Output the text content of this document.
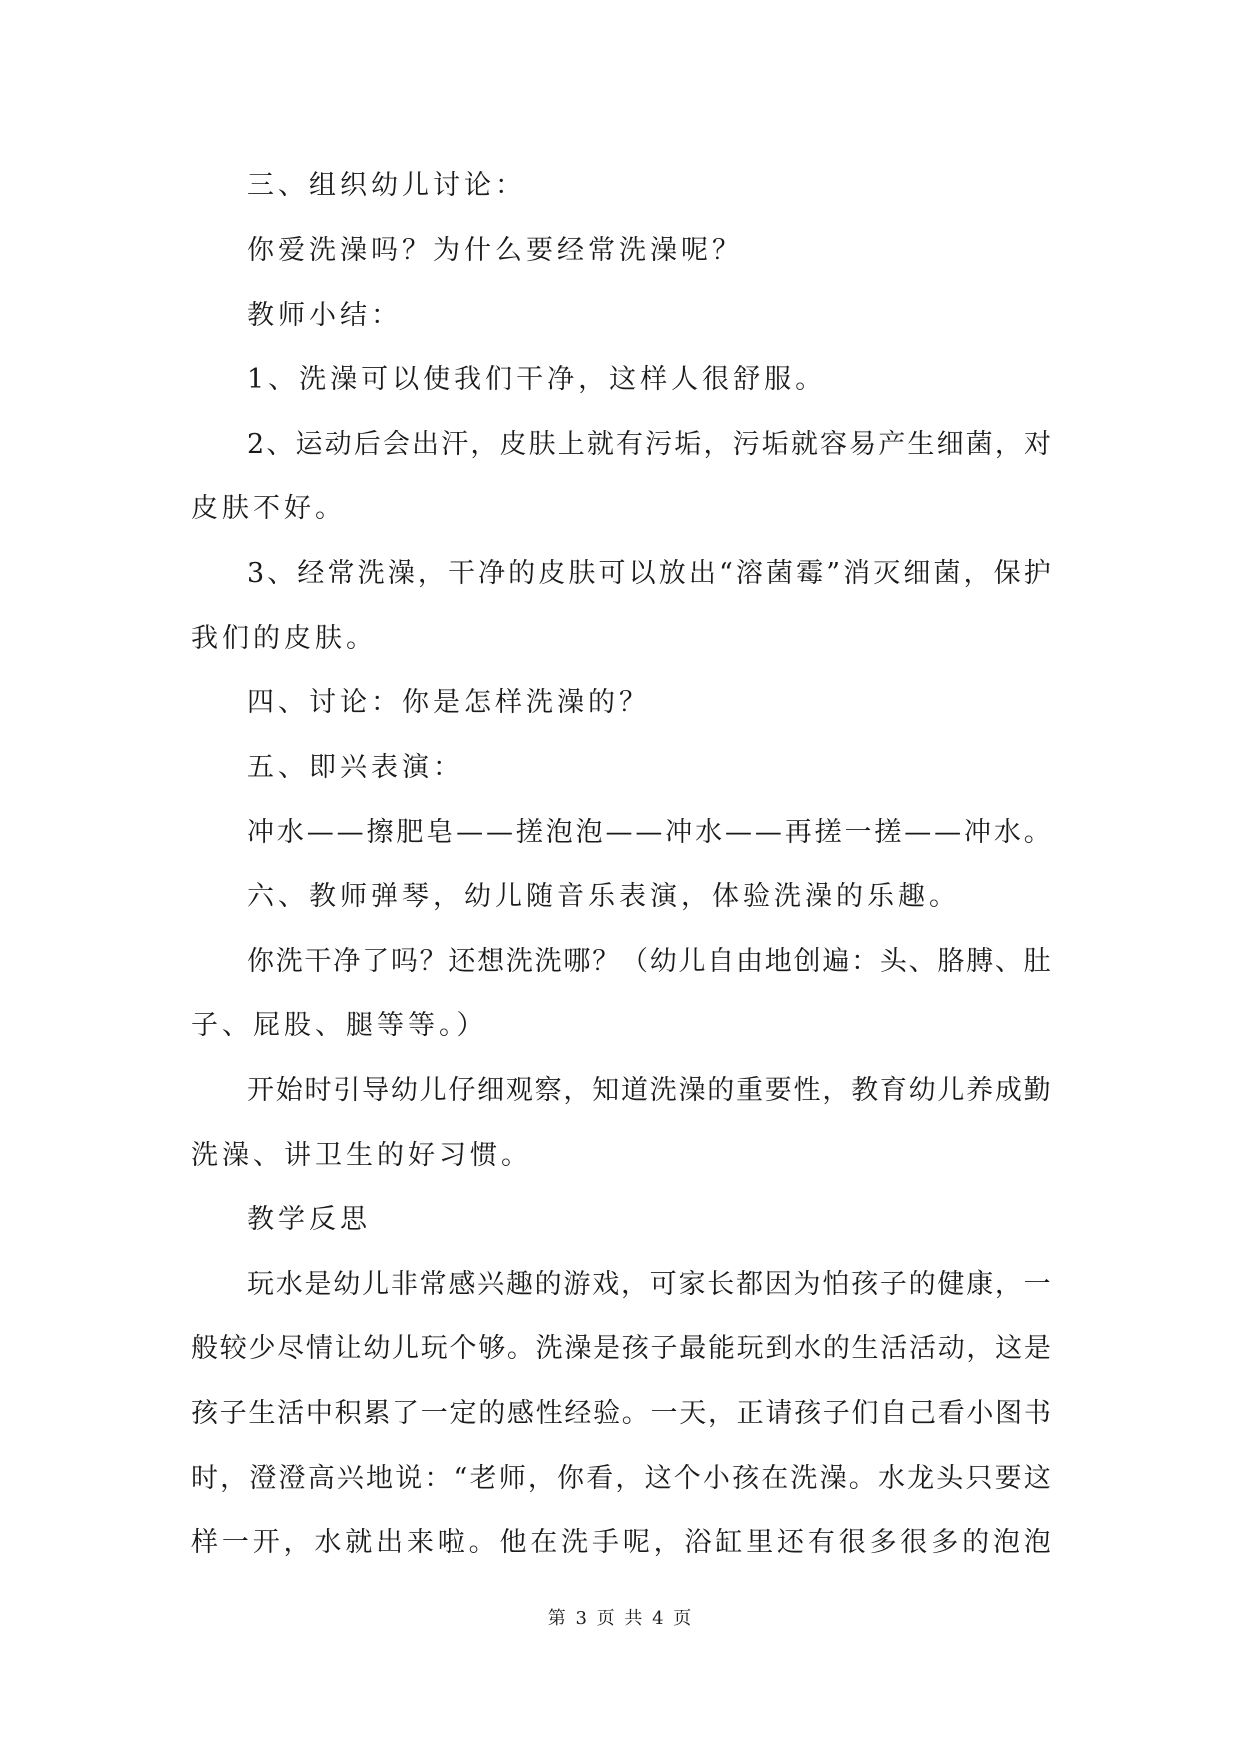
三、组织幼儿讨论：
你爱洗澡吗？为什么要经常洗澡呢？
教师小结：
1、洗澡可以使我们干净，这样人很舒服。
2 、 运 动 后 会 出 汗 ， 皮 肤 上 就 有 污 垢 ， 污 垢 就 容 易 产 生 细 菌 ， 对
皮肤不好。
3 、 经 常 洗 澡 ， 干 净 的 皮 肤 可 以 放 出 “ 溶 菌 霉 ” 消 灭 细 菌 ， 保 护
我们的皮肤。
四、讨论：你是怎样洗澡的？
五、即兴表演：
冲 水 — — 擦 肥 皂 — — 搓 泡 泡 — — 冲 水 — — 再 搓 一 搓 — — 冲 水 。
六、教师弹琴，幼儿随音乐表演，体验洗澡的乐趣。
你 洗 干 净 了 吗 ？ 还 想 洗 洗 哪 ？ （ 幼 儿 自 由 地 创 遍 ： 头 、 胳 膊 、 肚
子、屁股、腿等等。）
开 始 时 引 导 幼 儿 仔 细 观 察 ， 知 道 洗 澡 的 重 要 性 ， 教 育 幼 儿 养 成 勤
洗澡、讲卫生的好习惯。
教学反思
玩 水 是 幼 儿 非 常 感 兴 趣 的 游 戏 ， 可 家 长 都 因 为 怕 孩 子 的 健 康 ， 一
般 较 少 尽 情 让 幼 儿 玩 个 够 。 洗 澡 是 孩 子 最 能 玩 到 水 的 生 活 活 动 ， 这 是
孩 子 生 活 中 积 累 了 一 定 的 感 性 经 验 。 一 天 ， 正 请 孩 子 们 自 己 看 小 图 书
时 ， 澄 澄 高 兴 地 说 ： “ 老 师 ， 你 看 ， 这 个 小 孩 在 洗 澡 。 水 龙 头 只 要 这
样 一 开 ， 水 就 出 来 啦 。 他 在 洗 手 呢 ， 浴 缸 里 还 有 很 多 很 多 的 泡 泡
第 3 页 共 4 页
